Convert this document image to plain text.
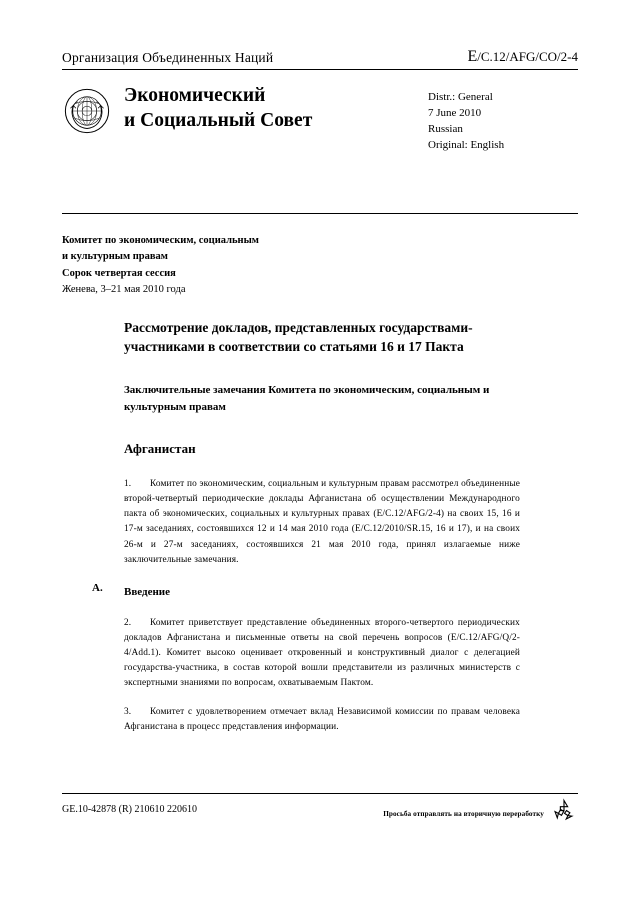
Организация Объединенных Наций	E/C.12/AFG/CO/2-4
Экономический
и Социальный Совет
Distr.: General
7 June 2010
Russian
Original: English
Комитет по экономическим, социальным
и культурным правам
Сорок четвертая сессия
Женева, 3–21 мая 2010 года
Рассмотрение докладов, представленных государствами-участниками в соответствии со статьями 16 и 17 Пакта
Заключительные замечания Комитета по экономическим, социальным и культурным правам
Афганистан

1. Комитет по экономическим, социальным и культурным правам рассмотрел объединенные второй-четвертый периодические доклады Афганистана об осуществлении Международного пакта об экономических, социальных и культурных правах (E/C.12/AFG/2-4) на своих 15, 16 и 17-м заседаниях, состоявшихся 12 и 14 мая 2010 года (E/C.12/2010/SR.15, 16 и 17), и на своих 26-м и 27-м заседаниях, состоявшихся 21 мая 2010 года, принял излагаемые ниже заключительные замечания.

A. Введение

2. Комитет приветствует представление объединенных второго-четвертого периодических докладов Афганистана и письменные ответы на свой перечень вопросов (E/C.12/AFG/Q/2-4/Add.1). Комитет высоко оценивает откровенный и конструктивный диалог с делегацией государства-участника, в состав которой вошли представители из различных министерств с экспертными знаниями по вопросам, охватываемым Пактом.

3. Комитет с удовлетворением отмечает вклад Независимой комиссии по правам человека Афганистана в процесс представления информации.

GE.10-42878 (R) 210610 220610	Просьба отправлять на вторичную переработку
